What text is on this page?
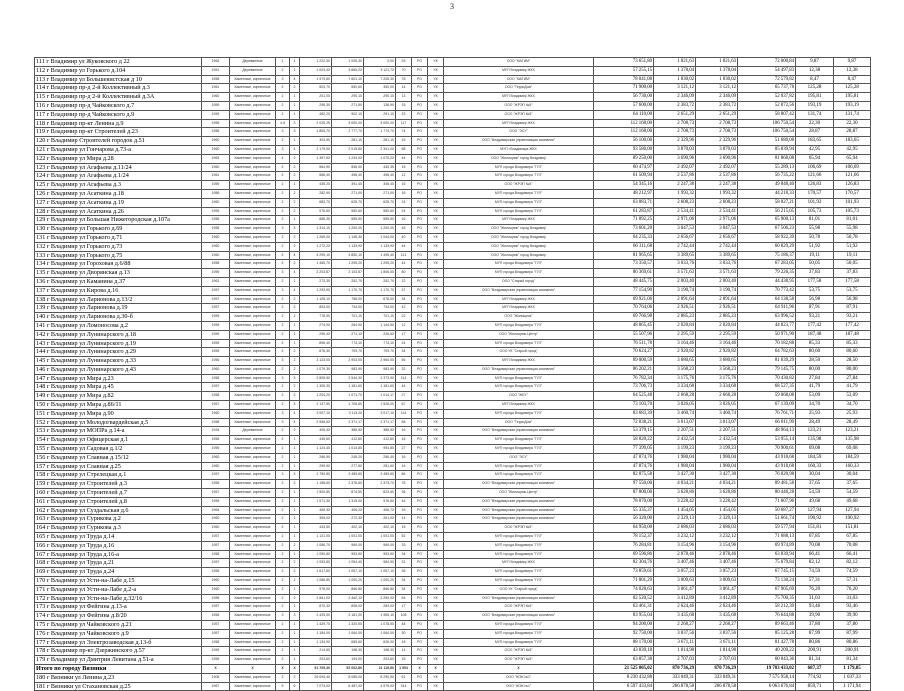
3
111 г Владимир ул Жуковского д 22	1964	Деревянные	1	4	1 222,30	1 005,30	0,00	25	РО	УК	ООО "МАТИМ"	73 651,80	1 821,63	1 821,63	72 000,84	9,87	9,87
112 г Владимир ул Горького д.104	1951	Деревянные	2	1	1 003,40	3 665,20	3 121,70	70	РО	УК	МУП Владимир ЖКХ	57 255,15	1 378,04	1 378,04	54 497,83	12,38	12,38
113 г Владимир ул Большевистская д 10	1958	Каменные, кирпичные	3	4	1 979,60	7 601,10	7 205,30	78	РО	УК	ООО "МАТИМ"	78 041,08	1 830,02	1 830,02	72 579,82	8,47	8,47
114 г Владимир пр-д 2-й Коллективный д.3	1961	Каменные, кирпичные	2	2	503,70	550,60	350,00	14	РО	УК	ООО "ТерриДом"	71 900,00	3 121,12	3 121,12	65 737,78	125,28	125,28
115 г Владимир пр-д 2-й Коллективный д.3А	1960	Каменные, кирпичные	2	1	201,00	290,10	290,10	13	РО	УК	МУП Владимир ЖКХ	56 730,00	2 346,09	2 346,09	52 037,82	195,81	195,81
116 г Владимир пр-д Чайковского д.7	1959	Каменные, кирпичные	2	1	295,30	271,50	136,90	15	РО	УК	ООО "ЖРЭП №5"	57 600,00	2 383,72	2 383,72	52 872,56	193,19	193,19
117 г Владимир пр-д Чайковского д.9	1959	Каменные, кирпичные	2	1	482,20	902,10	291,10	23	РО	УК	ООО "ЖРЭП №5"	64 110,00	2 651,29	2 651,29	58 807,42	131,74	131,74
118 г Владимир пр-кт Ленина д.9	1955	Каменные, кирпичные	4-5	3	2 025,25	3 000,00	3 000,00	117	РО	УК	МУП Владимир ЖКХ	112 168,00	2 708,73	2 708,73	106 750,54	22,30	22,30
119 г Владимир пр-кт Строителей д.23	1956	Каменные, кирпичные	3	3	1 853,70	2 777,70	1 774,70	74	РО	УК	ООО "ЭСУ"	112 168,00	2 708,73	2 708,73	106 750,54	28,87	28,87
120 г Владимир Строителей городок д.51	1960	Каменные, кирпичные	2	1	303,90	281,10	281,10	15	РО	УК	ООО "Владимирская управляющая компания"	56 100,00	2 329,96	2 329,96	51 680,08	183,65	183,65
121 г Владимир ул Гончарова д.73-а	1960	Каменные, кирпичные	3	4	2 179,00	2 015,80	2 341,00	68	РО	УК	МУП г.Владимира ЖКХ	93 580,00	3 870,03	3 870,03	85 839,94	42,95	42,95
122 г Владимир ул Мира д.28	1963	Каменные, кирпичные	4	2	1 357,60	1 234,00	1 070,20	44	РО	УК	ООО "Жилищник" город Владимир	89 250,00	3 690,96	3 690,96	81 868,08	65,94	65,94
123 г Владимир ул Агафьева д.11/24	1960	Каменные, кирпичные	2	2	564,90	556,00	440,35	15	РО	УК	МУП города Владимира "ГУЗ"	60 474,97	2 492,07	2 492,07	55 289,13	106,69	106,69
124 г Владимир ул Агафьева д.1/24	1961	Каменные, кирпичные	2	2	586,40	496,40	496,40	12	РО	УК	МУП города Владимира "ГУЗ"	61 509,94	2 537,86	2 537,86	56 735,22	121,66	121,66
125 г Владимир ул Агафьева д.3	1959	Каменные, кирпичные	2	1	435,20	391,40	346,40	15	РО	УК	ООО "ЖРЭП №5"	54 345,16	2 247,38	2 247,38	49 848,40	126,83	126,83
126 г Владимир ул Асаткина д.18	1956	Каменные, кирпичные	2	2	282,90	271,00	271,00	16	РО	УК	МУП города Владимира "ГУЗ"	48 212,97	1 993,32	1 993,32	44 218,33	170,57	170,57
127 г Владимир ул Асаткина д.19	1960	Каменные, кирпичные	2	2	683,70	625,70	625,70	24	РО	УК	МУП города Владимира "ГУЗ"	63 083,71	2 608,23	2 608,23	58 027,21	101,93	101,93
128 г Владимир ул Асаткина д.26	1959	Каменные, кирпичные	2	2	576,60	550,60	550,60	24	РО	УК	МУП города Владимира "ГУЗ"	61 283,87	2 534,41	2 534,41	56 215,05	105,73	105,73
129 г Владимир ул Большая Нижегородская д.107а	1956	Каменные, кирпичные	2	1	888,35	555,50	555,50	16	РО	УК	МУП Владимир ЖКХ	71 892,25	2 971,06	2 971,06	65 900,13	81,01	81,01
130 г Владимир ул Горького д.69	1958	Каменные, кирпичные	3	3	1 314,10	1 200,00	1 200,00	45	РО	УК	ООО "Жилищник" город Владимир	73 601,20	3 047,53	3 047,53	67 506,23	55,98	55,98
131 г Владимир ул Горького д.71	1960	Каменные, кирпичные	2	2	1 265,00	1 145,30	1 044,00	40	РО	УК	ООО "Жилищник" город Владимир	64 235,33	2 656,67	2 656,67	58 922,39	50,78	50,78
132 г Владимир ул Горького д.73	1960	Каменные, кирпичные	2	2	1 272,20	1 133,90	1 133,90	44	РО	УК	ООО "Жилищник" город Владимир	66 311,68	2 742,44	2 742,44	60 829,29	51,92	51,92
133 г Владимир ул Горького д.75	1960	Каменные, кирпичные	2	4	4 299,10	3 850,10	1 495,40	121	РО	УК	ООО "Жилищник" город Владимир	81 965,65	3 389,65	3 389,65	75 186,37	19,11	19,11
134 г Владимир ул Гороховая д.6/88	1958	Каменные, кирпичные	2	2	1 465,70	1 295,20	1 295,20	44	РО	УК	МУП города Владимира "ГУЗ"	73 350,57	3 033,76	3 033,76	67 283,05	50,05	50,05
135 г Владимир ул Дворянская д.13	1959	Каменные, кирпичные	3	4	2 203,87	2 103,87	1 806,00	80	РО	УК	МУП города Владимира "ГУЗ"	86 369,61	3 571,63	3 571,63	79 226,35	37,83	37,83
136 г Владимир ул Каманина д.37	1961	Каменные, кирпичные	2	1	273,30	252,70	252,70	12	РО	УК	ООО "Старый город"	48 445,75	2 003,40	2 003,40	44 438,95	177,58	177,58
137 г Владимир ул Кирова д.16	1957	Каменные, кирпичные	3	4	1 293,90	1 170,70	1 170,70	37	РО	УК	ООО "Владимирская управляющая компания"	77 154,90	3 190,74	3 190,74	70 773,42	53,75	53,75
138 г Владимир ул Ларионова д.13/2	1957	Каменные, кирпичные	2	2	1 105,10	758,00	678,00	34	РО	УК	МУП Владимир ЖКХ	69 921,06	2 891,64	2 891,64	64 138,58	56,98	56,98
139 г Владимир ул Ларионова д.19	1957	Каменные, кирпичные	2	2	803,00	734,00	734,00	42	РО	УК	МУП Владимир ЖКХ	70 764,06	2 926,51	2 926,51	64 911,96	87,91	87,91
140 г Владимир ул Ларионова д.30-б	1959	Каменные, кирпичные	2	2	778,90	701,10	701,10	22	РО	УК	ООО "Жилищник"	69 766,98	2 885,23	2 885,23	63 996,52	93,21	93,21
141 г Владимир ул Ломоносова д.2	1959	Каменные, кирпичные	2	1	274,00	264,90	1 144,50	12	РО	УК	МУП города Владимира "ГУЗ"	48 865,45	2 020,84	2 020,84	44 823,77	177,42	177,42
142 г Владимир ул Лунинарского д.18	1959	Каменные, кирпичные	2	1	296,40	271,10	226,60	17	РО	УК	ООО "Жилищник-Центр"	55 507,96	2 295,59	2 295,59	50 971,90	187,48	187,48
143 г Владимир ул Лунинарского д.19	1959	Каменные, кирпичные	2	1	896,40	774,10	774,10	24	РО	УК	МУП города Владимира "ГУЗ"	76 511,78	3 164,46	3 164,46	70 182,88	85,33	85,33
144 г Владимир ул Лунинарского д.29	1959	Каменные, кирпичные	2	2	876,30	793,70	793,70	34	РО	УК	ООО УК "Старый город"	70 624,27	2 920,82	2 920,82	64 782,63	80,60	80,60
145 г Владимир ул Лунинарского д.33	1956	Каменные, кирпичные	3	2	3 123,00	2 903,00	2 960,00	56	РО	УК	МУП Владимир ЖКХ	89 000,59	3 680,65	3 680,65	81 639,29	28,50	28,50
146 г Владимир ул Лунинарского д.43	1960	Каменные, кирпичные	2	2	1 079,30	983,90	983,90	32	РО	УК	ООО "Владимирская управляющая компания"	86 202,21	3 568,23	3 568,23	79 145,75	80,00	80,00
147 г Владимир ул Мира д.23	1958	Каменные, кирпичные	3	3	2 805,50	2 544,30	2 373,90	114	РО	УК	МУП города Владимира "ГУЗ"	76 782,34	3 175,76	3 175,76	70 430,82	27,84	27,84
148 г Владимир ул Мира д.45	1957	Каменные, кирпичные	2	2	1 305,30	1 181,60	1 181,60	44	РО	УК	МУП города Владимира "ГУЗ"	73 706,73	3 334,68	3 334,68	68 527,35	41,79	41,79
149 г Владимир ул Мира д.82	1958	Каменные, кирпичные	2	2	1 204,20	1 071,70	1 014,17	27	РО	УК	ООО "ЖЕУ"	64 525,48	2 668,28	2 668,28	59 068,08	53,09	53,09
150 г Владимир ул Мира д.86/11	1957	Каменные, кирпичные	2	3	2 137,50	1 706,60	1 526,00	67	РО	УК	МУП Владимир ЖКХ	73 103,70	3 026,05	3 026,05	67 139,09	34,70	34,70
151 г Владимир ул Мира д.90	1960	Каменные, кирпичные	3	4	3 007,10	3 113,20	3 017,10	114	РО	УК	МУП города Владимира "ГУЗ"	83 683,39	3 460,74	3 460,74	76 761,71	25,93	25,93
152 г Владимир ул Молодогвардейская д.5	1958	Каменные, кирпичные	3	4	2 556,60	2 371,17	2 371,17	68	РО	УК	ООО "ТерриДом"	72 838,21	3 013,07	3 013,07	66 811,99	28,49	28,49
153 г Владимир ул МОПРа д.14-а	1934	Деревянные	2	2	405,30	385,50	385,50	16	РО	УК	ООО "Владимирская управляющая компания"	53 379,15	2 207,51	2 207,51	48 964,13	123,21	123,21
154 г Владимир ул Офицерская д.1	1956	Каменные, кирпичные	2	1	445,60	412,60	412,60	16	РО	УК	МУП города Владимира "ГУЗ"	58 820,22	2 432,54	2 432,54	53 955,14	135,98	135,98
155 г Владимир ул Садовая д.1/2	1959	Каменные, кирпичные	2	1	1 124,40	1 014,80	954,80	27	РО	УК	МУП города Владимира "ГУЗ"	77 399,05	3 199,23	3 199,23	70 900,61	69,08	69,08
156 г Владимир ул Славная д.15/12	1960	Каменные, кирпичные	2	1	266,90	245,20	256,40	16	РО	УК	ООО "ЭСУ"	47 874,76	1 980,04	1 980,04	43 918,68	184,59	184,59
157 г Владимир ул Славная д.25	1960	Каменные, кирпичные	2	1	299,90	277,50	281,60	16	РО	УК	МУП города Владимира "ГУЗ"	47 874,76	1 980,04	1 980,04	43 918,68	160,33	160,33
158 г Владимир ул Стрелецкая д.1	1957	Каменные, кирпичные	3	3	2 750,80	2 459,60	2 459,60	86	РО	УК	МУП города Владимира "ГУЗ"	82 875,58	3 427,30	3 427,30	76 020,98	30,04	30,04
159 г Владимир ул Строителей д.3	1955	Каменные, кирпичные	2	2	1 158,60	2 378,60	2 373,70	78	РО	УК	ООО "Владимирская управляющая компания"	97 550,00	4 034,21	4 034,21	89 481,58	37,65	37,65
160 г Владимир ул Строителей д.7	1957	Каменные, кирпичные	2	1	1 500,80	874,50	823,60	36	РО	УК	ООО "Жилищник-Центр"	87 800,00	3 628,86	3 628,86	80 446,28	54,59	54,59
161 г Владимир ул Строителей д.8	1959	Каменные, кирпичные	2	1	1 571,30	1 315,00	976,80	44	РО	УК	ООО "Владимирская управляющая компания"	78 070,00	3 228,42	3 228,42	71 607,96	49,68	49,68
162 г Владимир ул Суздальская д.6	1964	Каменные, кирпичные	2	1	469,30	406,20	406,70	18	РО	УК	ООО "Владимирская управляющая компания"	55 335,37	1 454,05	1 454,05	50 687,27	127,94	127,94
163 г Владимир ул Сурикова д.2	1960	Каменные, кирпичные	2	1	305,00	272,30	261,00	14	РО	УК	ООО "Владимирская управляющая компания"	56 320,00	2 329,13	2 329,13	51 661,74	190,92	190,92
164 г Владимир ул Сурикова д.3	1960	Каменные, кирпичные	2	1	443,50	402,10	402,10	15	РО	УК	ООО "ЖРЭП №5"	64 950,00	2 686,03	2 686,03	59 577,94	151,81	151,81
165 г Владимир ул Труда д.14	1957	Каменные, кирпичные	2	1	1 121,00	1 001,00	1 001,00	52	РО	УК	МУП города Владимира "ГУЗ"	78 152,37	3 232,12	3 232,12	71 688,13	67,85	67,85
166 г Владимир ул Труда д.16	1957	Каменные, кирпичные	2	2	1 086,70	969,00	969,00	33	РО	УК	МУП города Владимира "ГУЗ"	76 284,81	3 154,96	3 154,96	69 974,89	70,08	70,08
167 г Владимир ул Труда д.16-а	1958	Каменные, кирпичные	2	1	1 050,80	953,50	953,50	34	РО	УК	МУП города Владимира "ГУЗ"	69 596,86	2 878,46	2 878,46	63 839,94	66,41	66,41
168 г Владимир ул Труда д.21	1957	Каменные, кирпичные	2	2	1 053,80	1 054,40	984,90	31	РО	УК	МУП Владимир ЖКХ	82 304,76	3 407,46	3 407,46	75 679,84	82,12	82,12
169 г Владимир ул Труда д.24	1955	Каменные, кирпичные	2	2	1 617,60	1 057,10	1 057,10	36	РО	УК	МУП города Владимира "ГУЗ"	73 859,61	3 057,23	3 057,23	67 745,15	74,59	74,59
170 г Владимир ул Усти-на-Лабе д.15	1960	Каменные, кирпичные	2	2	1 086,80	1 000,20	1 000,20	34	РО	УК	МУП города Владимира "ГУЗ"	71 801,29	3 009,63	3 009,63	73 130,24	57,31	57,31
171 г Владимир ул Усти-на-Лабе д.2-а	1960	Каменные, кирпичные	2	1	976,00	866,80	866,80	34	РО	УК	ООО УК "Старый город"	74 028,63	3 061,47	3 061,47	67 905,69	76,20	76,20
172 г Владимир ул Усти-на-Лабе д.32/16	1956	Каменные, кирпичные	2	2	2 661,00	2 462,10	2 250,00	64	РО	УК	ООО "Владимирская управляющая компания"	82 520,52	3 412,89	3 412,89	75 700,35	31,03	31,03
173 г Владимир ул Фейгина д.13-а	1957	Каменные, кирпичные	2	1	870,30	808,00	284,00	17	РО	УК	ООО "ЖРЭП №5"	63 461,31	2 624,46	2 624,46	58 212,39	93,46	93,46
174 г Владимир ул Фейгина д.8/20	1956	Каменные, кирпичные	3	3	2 425,00	2 181,00	1 965,10	108	РО	УК	ООО "Владимирская управляющая компания"	83 955,04	3 435,68	3 435,68	76 644,88	39,90	39,90
175 г Владимир ул Чайковского д.21	1957	Каменные, кирпичные	2	1	1 429,70	1 320,50	1 078,50	48	РО	УК	МУП города Владимира "ГУЗ"	94 200,00	2 268,27	2 268,27	89 663,46	37,80	37,80
176 г Владимир ул Чайковского д.9	1957	Каменные, кирпичные	2	1	1 184,00	1 064,00	1 064,00	30	РО	УК	МУП города Владимира "ГУЗ"	92 750,00	3 837,56	3 837,56	85 125,28	87,99	87,99
177 г Владимир ул Электрозаводская д.13-б	1958	Каменные, кирпичные	2	1	1 134,90	665,60	626,00	18	РО	УК	МУП города Владимира "ГУЗ"	88 170,00	3 671,11	3 671,11	81 427,78	80,86	80,86
178 г Владимир пр-кт Дзержинского д.57	1959	Каменные, кирпичные	2	1	214,60	198,30	198,30	14	РО	УК	ООО "ЖРЭП №5"	43 839,18	1 814,98	1 814,98	40 209,22	200,91	200,91
179 г Владимир ул Дмитрия Левитана д.51-а	1959	Каменные, кирпичные	2	1	203,60	194,00	203,60	15	РО	УК	ООО "ЖРЭП №5"	63 857,38	2 707,03	2 707,03	60 043,36	81,34	81,34
Итого по городу Вязники	X	X	X	X	51 705,30	52 002,80	21 119,60	1 554	X	X	X	21 525 005,02	870 736,29	870 736,29	19 783 433,02	687,37	1 179,85
180 г Вязники ул Ленина д.23	1908	Каменные, кирпичные	2	2	26 094,40	8 085,00	8 290,50	61	РО	УК	ООО "ЖЭК №1"	8 230 432,88	333 049,31	333 049,31	7 575 958,14	774,92	1 037,33
181 г Вязники ул Стахановская д.25	1967	Каменные, кирпичные	5	6	7 073,00	6 487,40	4 579,00	314	РО	УК	ООО "ЖЭК №1"	6 597 433,84	266 878,58	266 878,58	6 063 676,84	859,71	1 171,94
